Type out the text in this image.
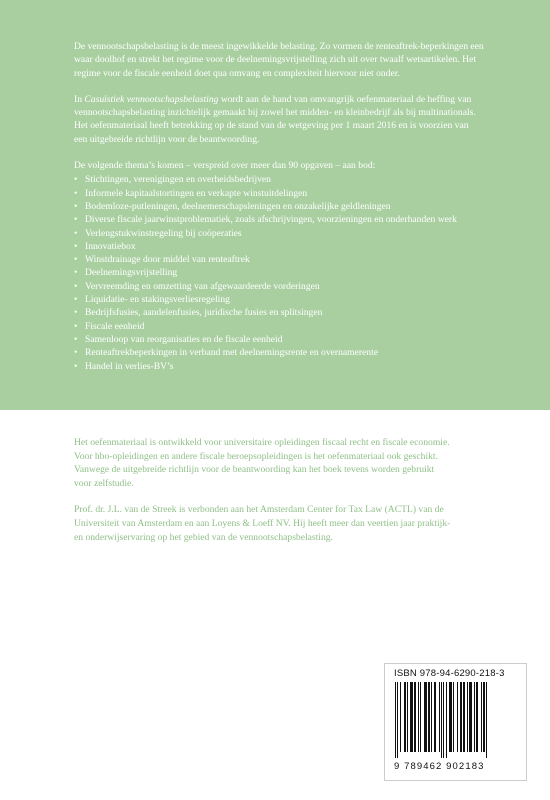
De vennootschapsbelasting is de meest ingewikkelde belasting. Zo vormen de renteaftrek-beperkingen een waar doolhof en strekt het regime voor de deelnemingsvrijstelling zich uit over twaalf wetsartikelen. Het regime voor de fiscale eenheid doet qua omvang en complexiteit hiervoor niet onder.

In Casuïstiek vennootschapsbelasting wordt aan de hand van omvangrijk oefenmateriaal de heffing van vennootschapsbelasting inzichtelijk gemaakt bij zowel het midden- en kleinbedrijf als bij multinationals. Het oefenmateriaal heeft betrekking op de stand van de wetgeving per 1 maart 2016 en is voorzien van een uitgebreide richtlijn voor de beantwoording.

De volgende thema’s komen – verspreid over meer dan 90 opgaven – aan bod:

• Stichtingen, verenigingen en overheidsbedrijven
• Informele kapitaalstortingen en verkapte winstuitdelingen
• Bodemloze-putleningen, deelnemerschapsleningen en onzakelijke geldleningen
• Diverse fiscale jaarwinstproblematiek, zoals afschrijvingen, voorzieningen en onderhanden werk
• Verlengstukwinstregeling bij coöperaties
• Innovatiebox
• Winstdrainage door middel van renteaftrek
• Deelnemingsvrijstelling
• Vervreemding en omzetting van afgewaardeerde vorderingen
• Liquidatie- en stakingsverliesregeling
• Bedrijfsfusies, aandelenfusies, juridische fusies en splitsingen
• Fiscale eenheid
• Samenloop van reorganisaties en de fiscale eenheid
• Renteaftrekbeperkingen in verband met deelnemingsrente en overnamerente
• Handel in verlies-BV’s

Het oefenmateriaal is ontwikkeld voor universitaire opleidingen fiscaal recht en fiscale economie. Voor hbo-opleidingen en andere fiscale beroepsopleidingen is het oefenmateriaal ook geschikt. Vanwege de uitgebreide richtlijn voor de beantwoording kan het boek tevens worden gebruikt voor zelfstudie.

Prof. dr. J.L. van de Streek is verbonden aan het Amsterdam Center for Tax Law (ACTL) van de Universiteit van Amsterdam en aan Loyens & Loeff NV. Hij heeft meer dan veertien jaar praktijk- en onderwijservaring op het gebied van de vennootschapsbelasting.

ISBN 978-94-6290-218-3
9 789462 902183
